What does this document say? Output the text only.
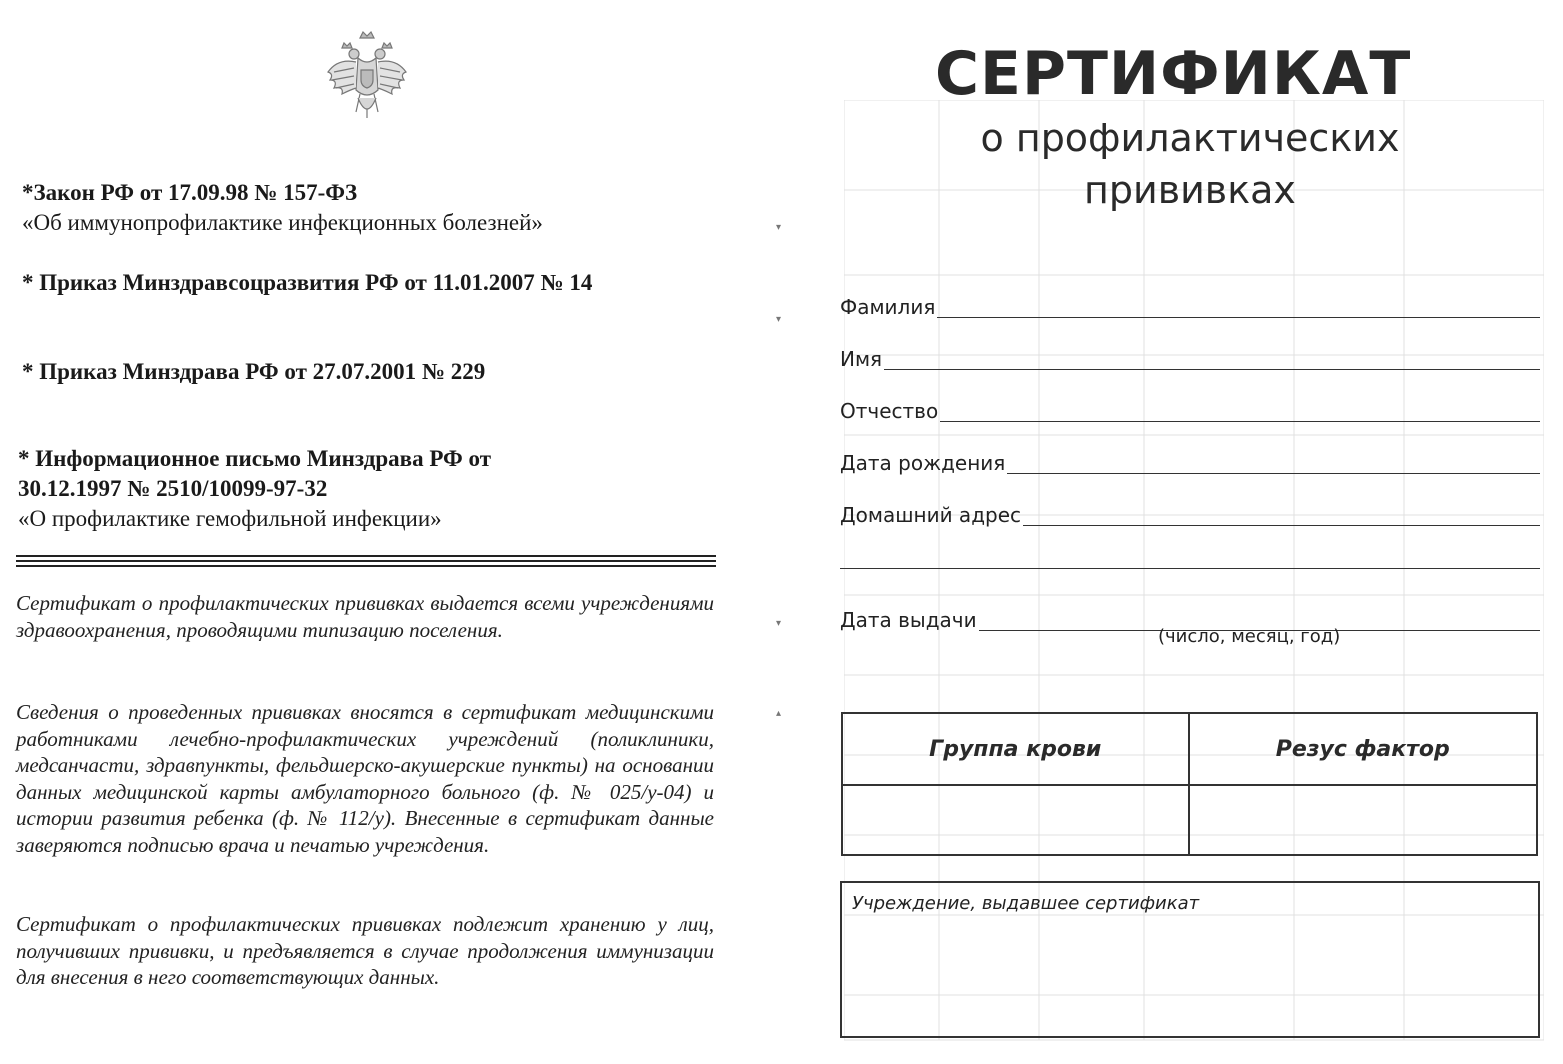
*Закон РФ от 17.09.98 № 157-ФЗ
«Об иммунопрофилактике инфекционных болезней»
* Приказ Минздравсоцразвития РФ от 11.01.2007 № 14
* Приказ Минздрава РФ от 27.07.2001 № 229
* Информационное письмо Минздрава РФ от
30.12.1997 № 2510/10099-97-32
«О профилактике гемофильной инфекции»

Сертификат о профилактических прививках выдается всеми учреждениями здравоохранения, проводящими типизацию поселения.

Сведения о проведенных прививках вносятся в сертификат медицинскими работниками лечебно-профилактических учреждений (поликлиники, медсанчасти, здравпункты, фельдшерско-акушерские пункты) на основании данных медицинской карты амбулаторного больного (ф. № 025/у-04) и истории развития ребенка (ф. № 112/у). Внесенные в сертификат данные заверяются подписью врача и печатью учреждения.

Сертификат о профилактических прививках подлежит хранению у лиц, получивших прививки, и предъявляется в случае продолжения иммунизации для внесения в него соответствующих данных.

▾
▾
▾
▴
СЕРТИФИКАТ
о профилактических
прививках
Фамилия
Имя
Отчество
Дата рождения
Домашний адрес
Дата выдачи
(число, месяц, год)
Группа крови	Резус фактор
Учреждение, выдавшее сертификат
